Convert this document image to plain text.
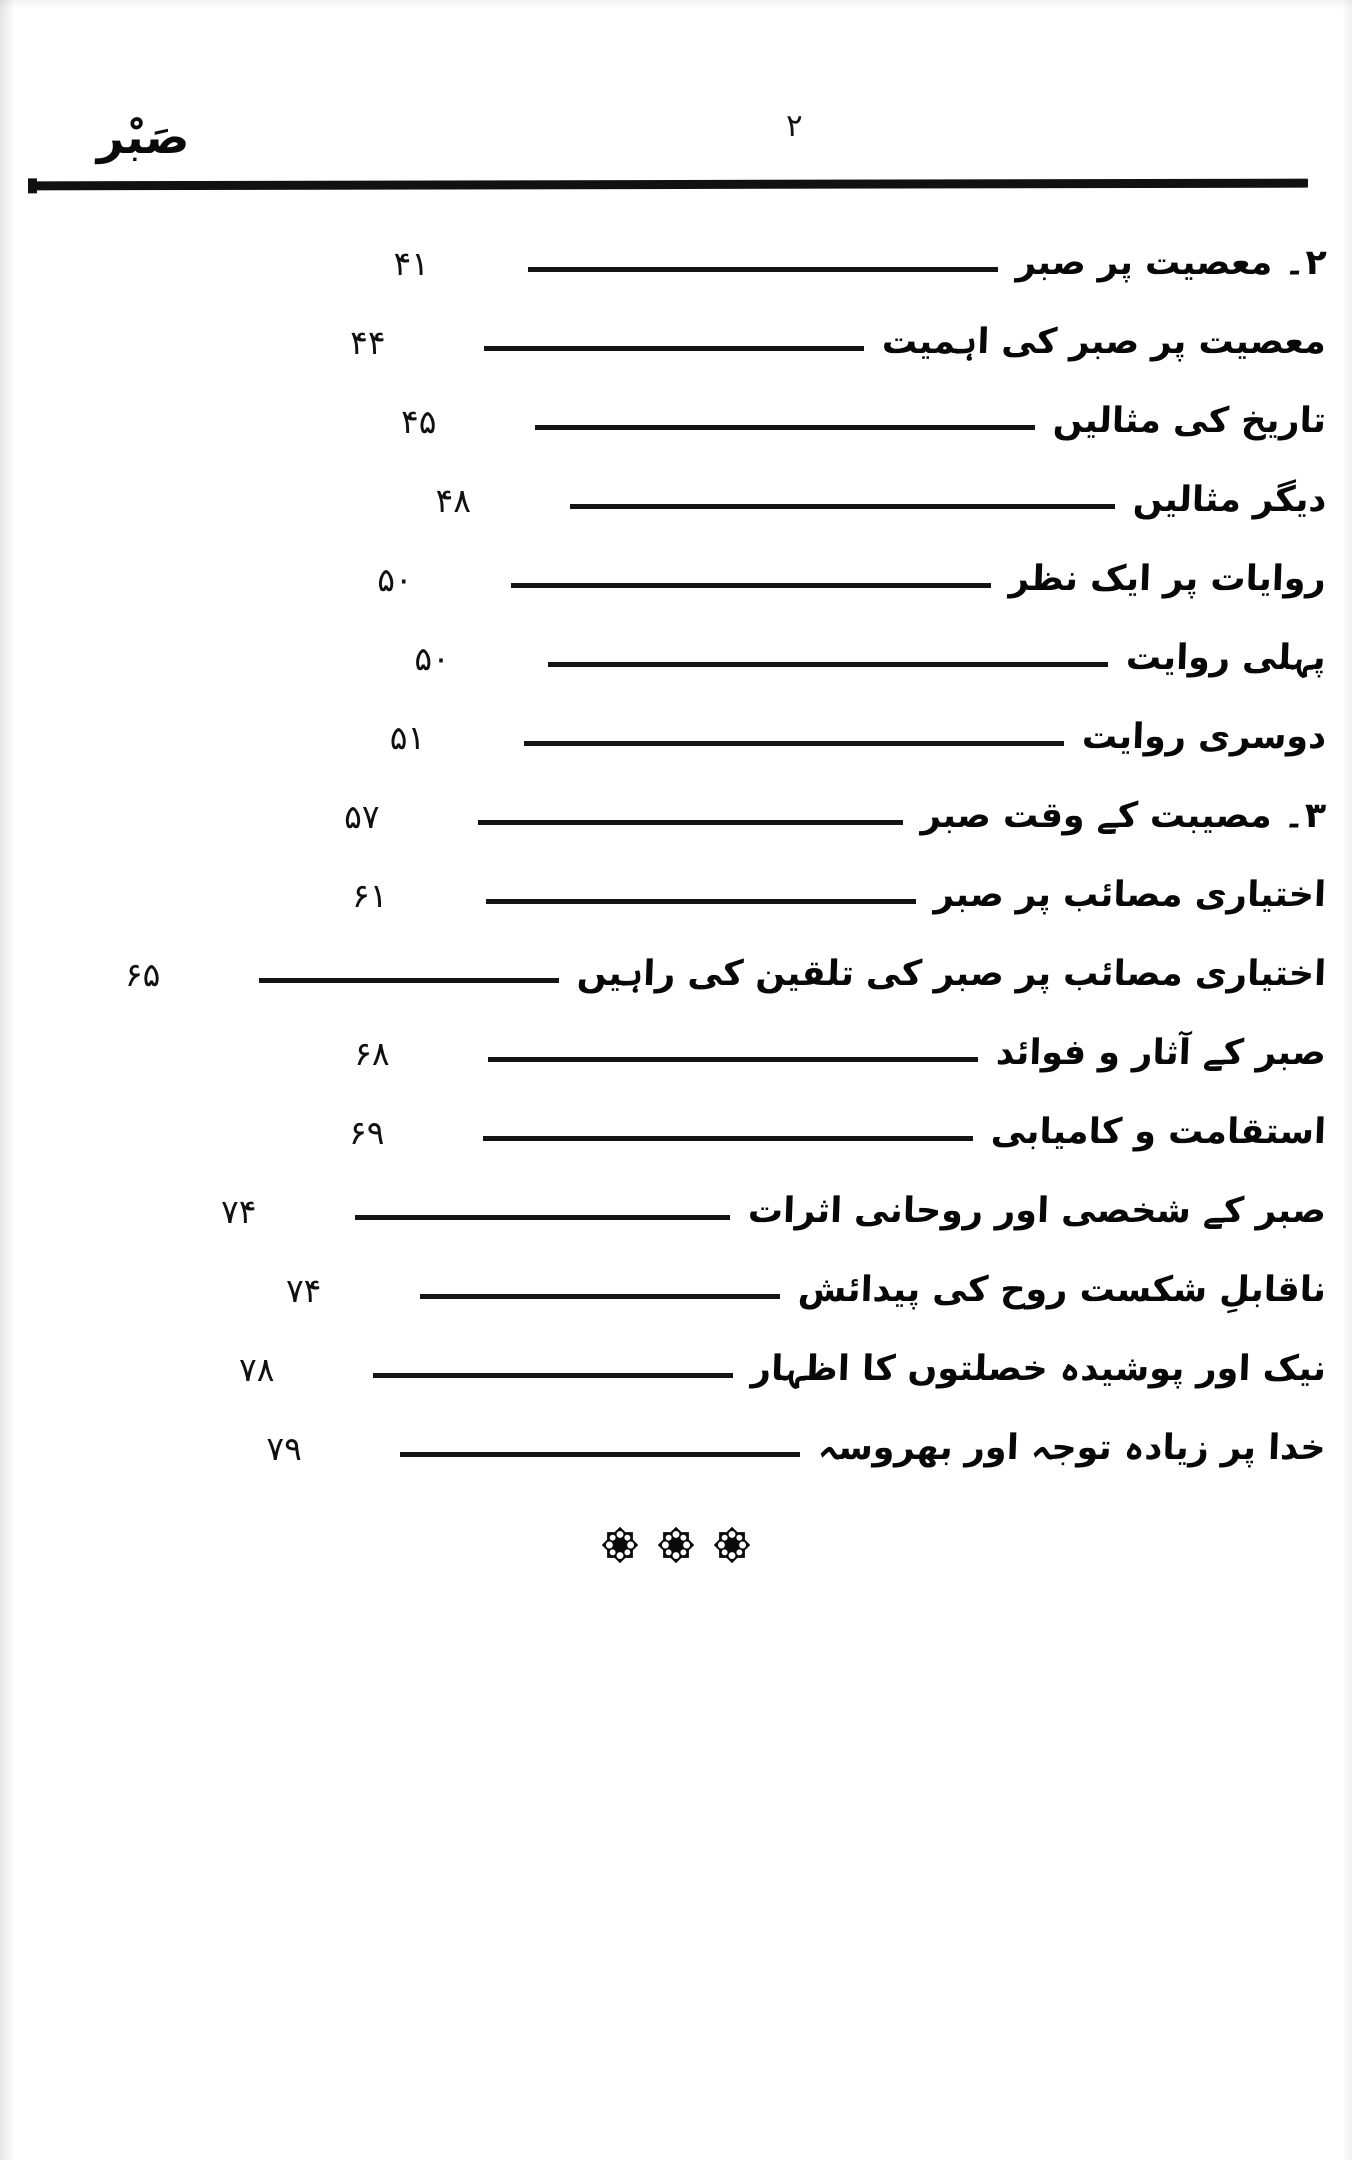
۲
صَبْر
۲۔ معصیت پر صبر
۴۱
معصیت پر صبر کی اہمیت
۴۴
تاریخ کی مثالیں
۴۵
دیگر مثالیں
۴۸
روایات پر ایک نظر
۵۰
پہلی روایت
۵۰
دوسری روایت
۵۱
۳۔ مصیبت کے وقت صبر
۵۷
اختیاری مصائب پر صبر
۶۱
اختیاری مصائب پر صبر کی تلقین کی راہیں
۶۵
صبر کے آثار و فوائد
۶۸
استقامت و کامیابی
۶۹
صبر کے شخصی اور روحانی اثرات
۷۴
ناقابلِ شکست روح کی پیدائش
۷۴
نیک اور پوشیدہ خصلتوں کا اظہار
۷۸
خدا پر زیادہ توجہ اور بھروسہ
۷۹
